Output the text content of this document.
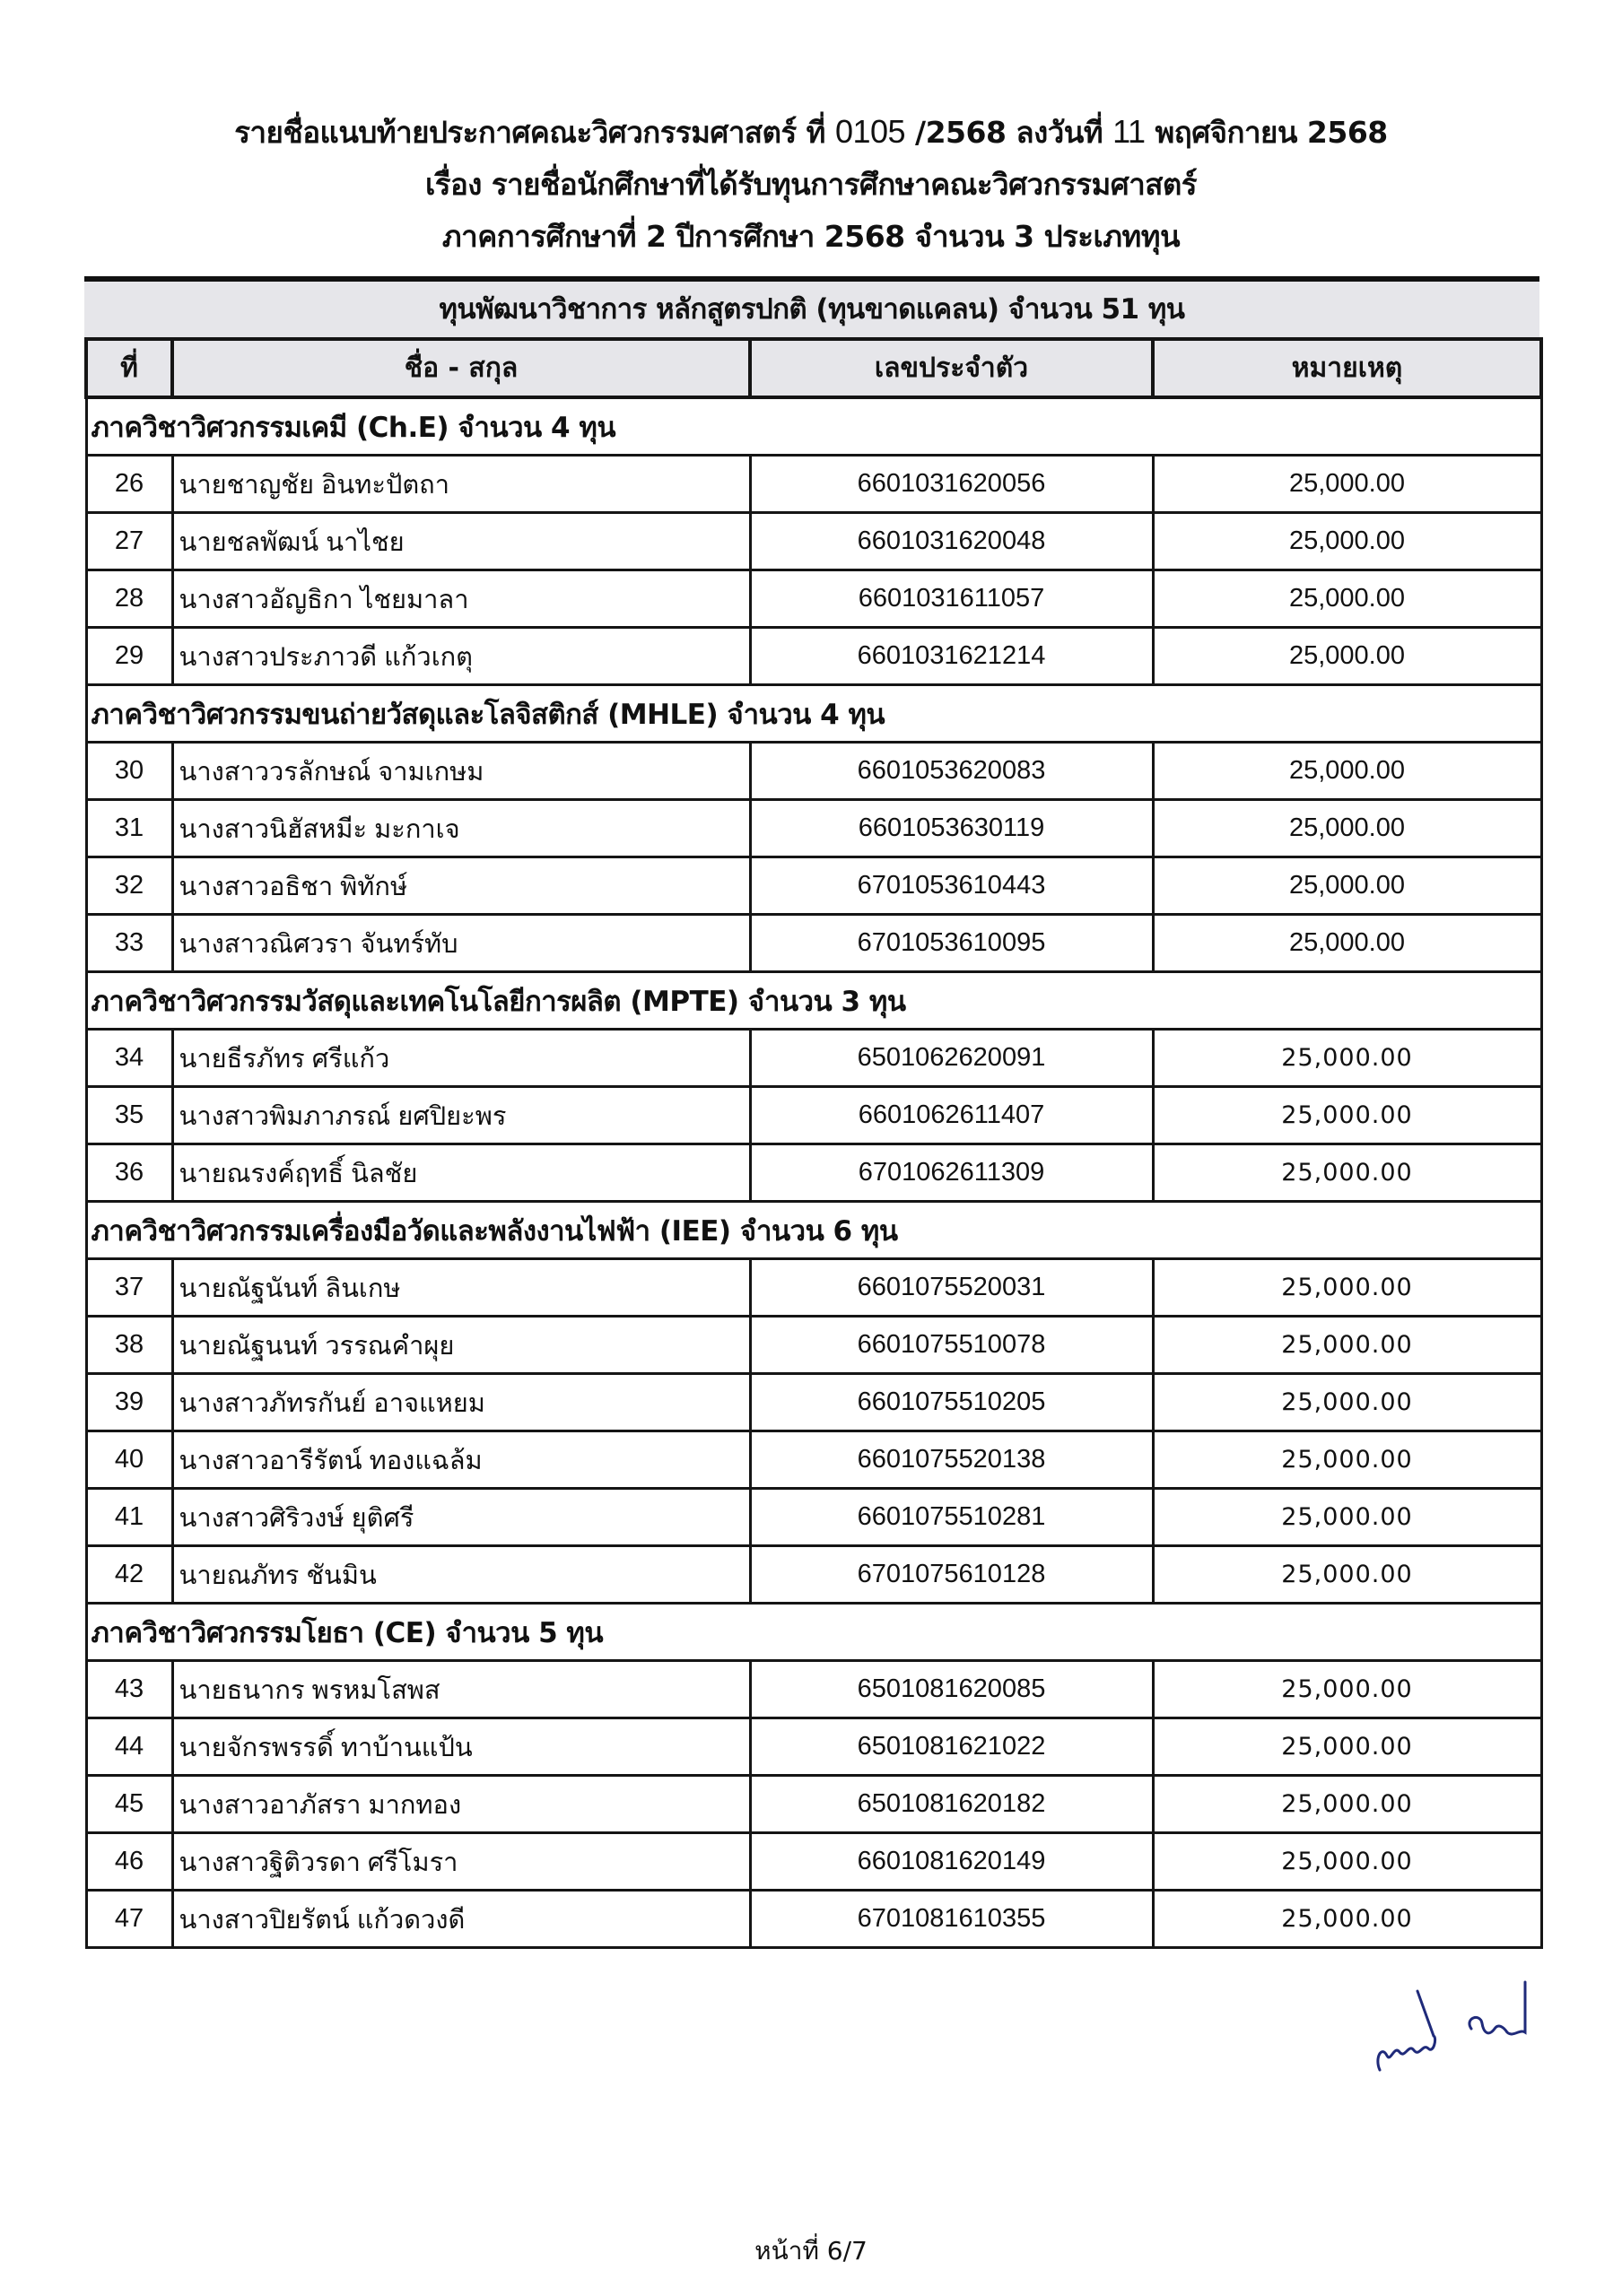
รายชื่อแนบท้ายประกาศคณะวิศวกรรมศาสตร์ ที่ 0105 /2568 ลงวันที่ 11 พฤศจิกายน 2568
เรื่อง รายชื่อนักศึกษาที่ได้รับทุนการศึกษาคณะวิศวกรรมศาสตร์
ภาคการศึกษาที่ 2 ปีการศึกษา 2568 จำนวน 3 ประเภททุน
ทุนพัฒนาวิชาการ หลักสูตรปกติ (ทุนขาดแคลน) จำนวน 51 ทุน
ที่	ชื่อ - สกุล	เลขประจำตัว	หมายเหตุ
ภาควิชาวิศวกรรมเคมี (Ch.E) จำนวน 4 ทุน			
26	นายชาญชัย อินทะปัตถา	6601031620056	25,000.00
27	นายชลพัฒน์ นาไชย	6601031620048	25,000.00
28	นางสาวอัญธิกา ไชยมาลา	6601031611057	25,000.00
29	นางสาวประภาวดี แก้วเกตุ	6601031621214	25,000.00
ภาควิชาวิศวกรรมขนถ่ายวัสดุและโลจิสติกส์ (MHLE) จำนวน 4 ทุน			
30	นางสาววรลักษณ์ จามเกษม	6601053620083	25,000.00
31	นางสาวนิฮัสหมีะ มะกาเจ	6601053630119	25,000.00
32	นางสาวอธิชา พิทักษ์	6701053610443	25,000.00
33	นางสาวณิศวรา จันทร์ทับ	6701053610095	25,000.00
ภาควิชาวิศวกรรมวัสดุและเทคโนโลยีการผลิต (MPTE) จำนวน 3 ทุน			
34	นายธีรภัทร ศรีแก้ว	6501062620091	25,000.00
35	นางสาวพิมภาภรณ์ ยศปิยะพร	6601062611407	25,000.00
36	นายณรงค์ฤทธิ์ นิลชัย	6701062611309	25,000.00
ภาควิชาวิศวกรรมเครื่องมือวัดและพลังงานไฟฟ้า (IEE) จำนวน 6 ทุน			
37	นายณัฐนันท์ ลินเกษ	6601075520031	25,000.00
38	นายณัฐนนท์ วรรณคำผุย	6601075510078	25,000.00
39	นางสาวภัทรกันย์ อาจแหยม	6601075510205	25,000.00
40	นางสาวอารีรัตน์ ทองแฉล้ม	6601075520138	25,000.00
41	นางสาวศิริวงษ์ ยุติศรี	6601075510281	25,000.00
42	นายณภัทร ชันมิน	6701075610128	25,000.00
ภาควิชาวิศวกรรมโยธา (CE) จำนวน 5 ทุน			
43	นายธนากร พรหมโสพส	6501081620085	25,000.00
44	นายจักรพรรดิ์ ทาบ้านแป้น	6501081621022	25,000.00
45	นางสาวอาภัสรา มากทอง	6501081620182	25,000.00
46	นางสาวฐิติวรดา ศรีโมรา	6601081620149	25,000.00
47	นางสาวปิยรัตน์ แก้วดวงดี	6701081610355	25,000.00
หน้าที่ 6/7
